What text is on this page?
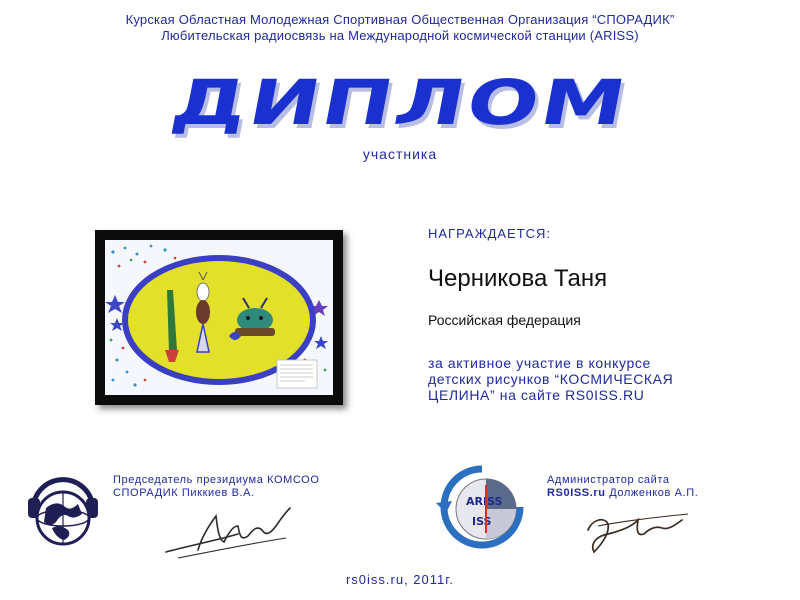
Курская Областная Молодежная Спортивная Общественная Организация “СПОРАДИК”
Любительская радиосвязь на Международной космической станции (ARISS)
ДИПЛОМ
участника
НАГРАЖДАЕТСЯ:
Черникова Таня
Российская федерация
за активное участие в конкурсе
детских рисунков “КОСМИЧЕСКАЯ
ЦЕЛИНА” на сайте RS0ISS.RU
Председатель президиума КОМСОО
СПОРАДИК Пиккиев В.А.
ARISS
ISS
Администратор сайта
RS0ISS.ru Долженков А.П.
rs0iss.ru, 2011г.
